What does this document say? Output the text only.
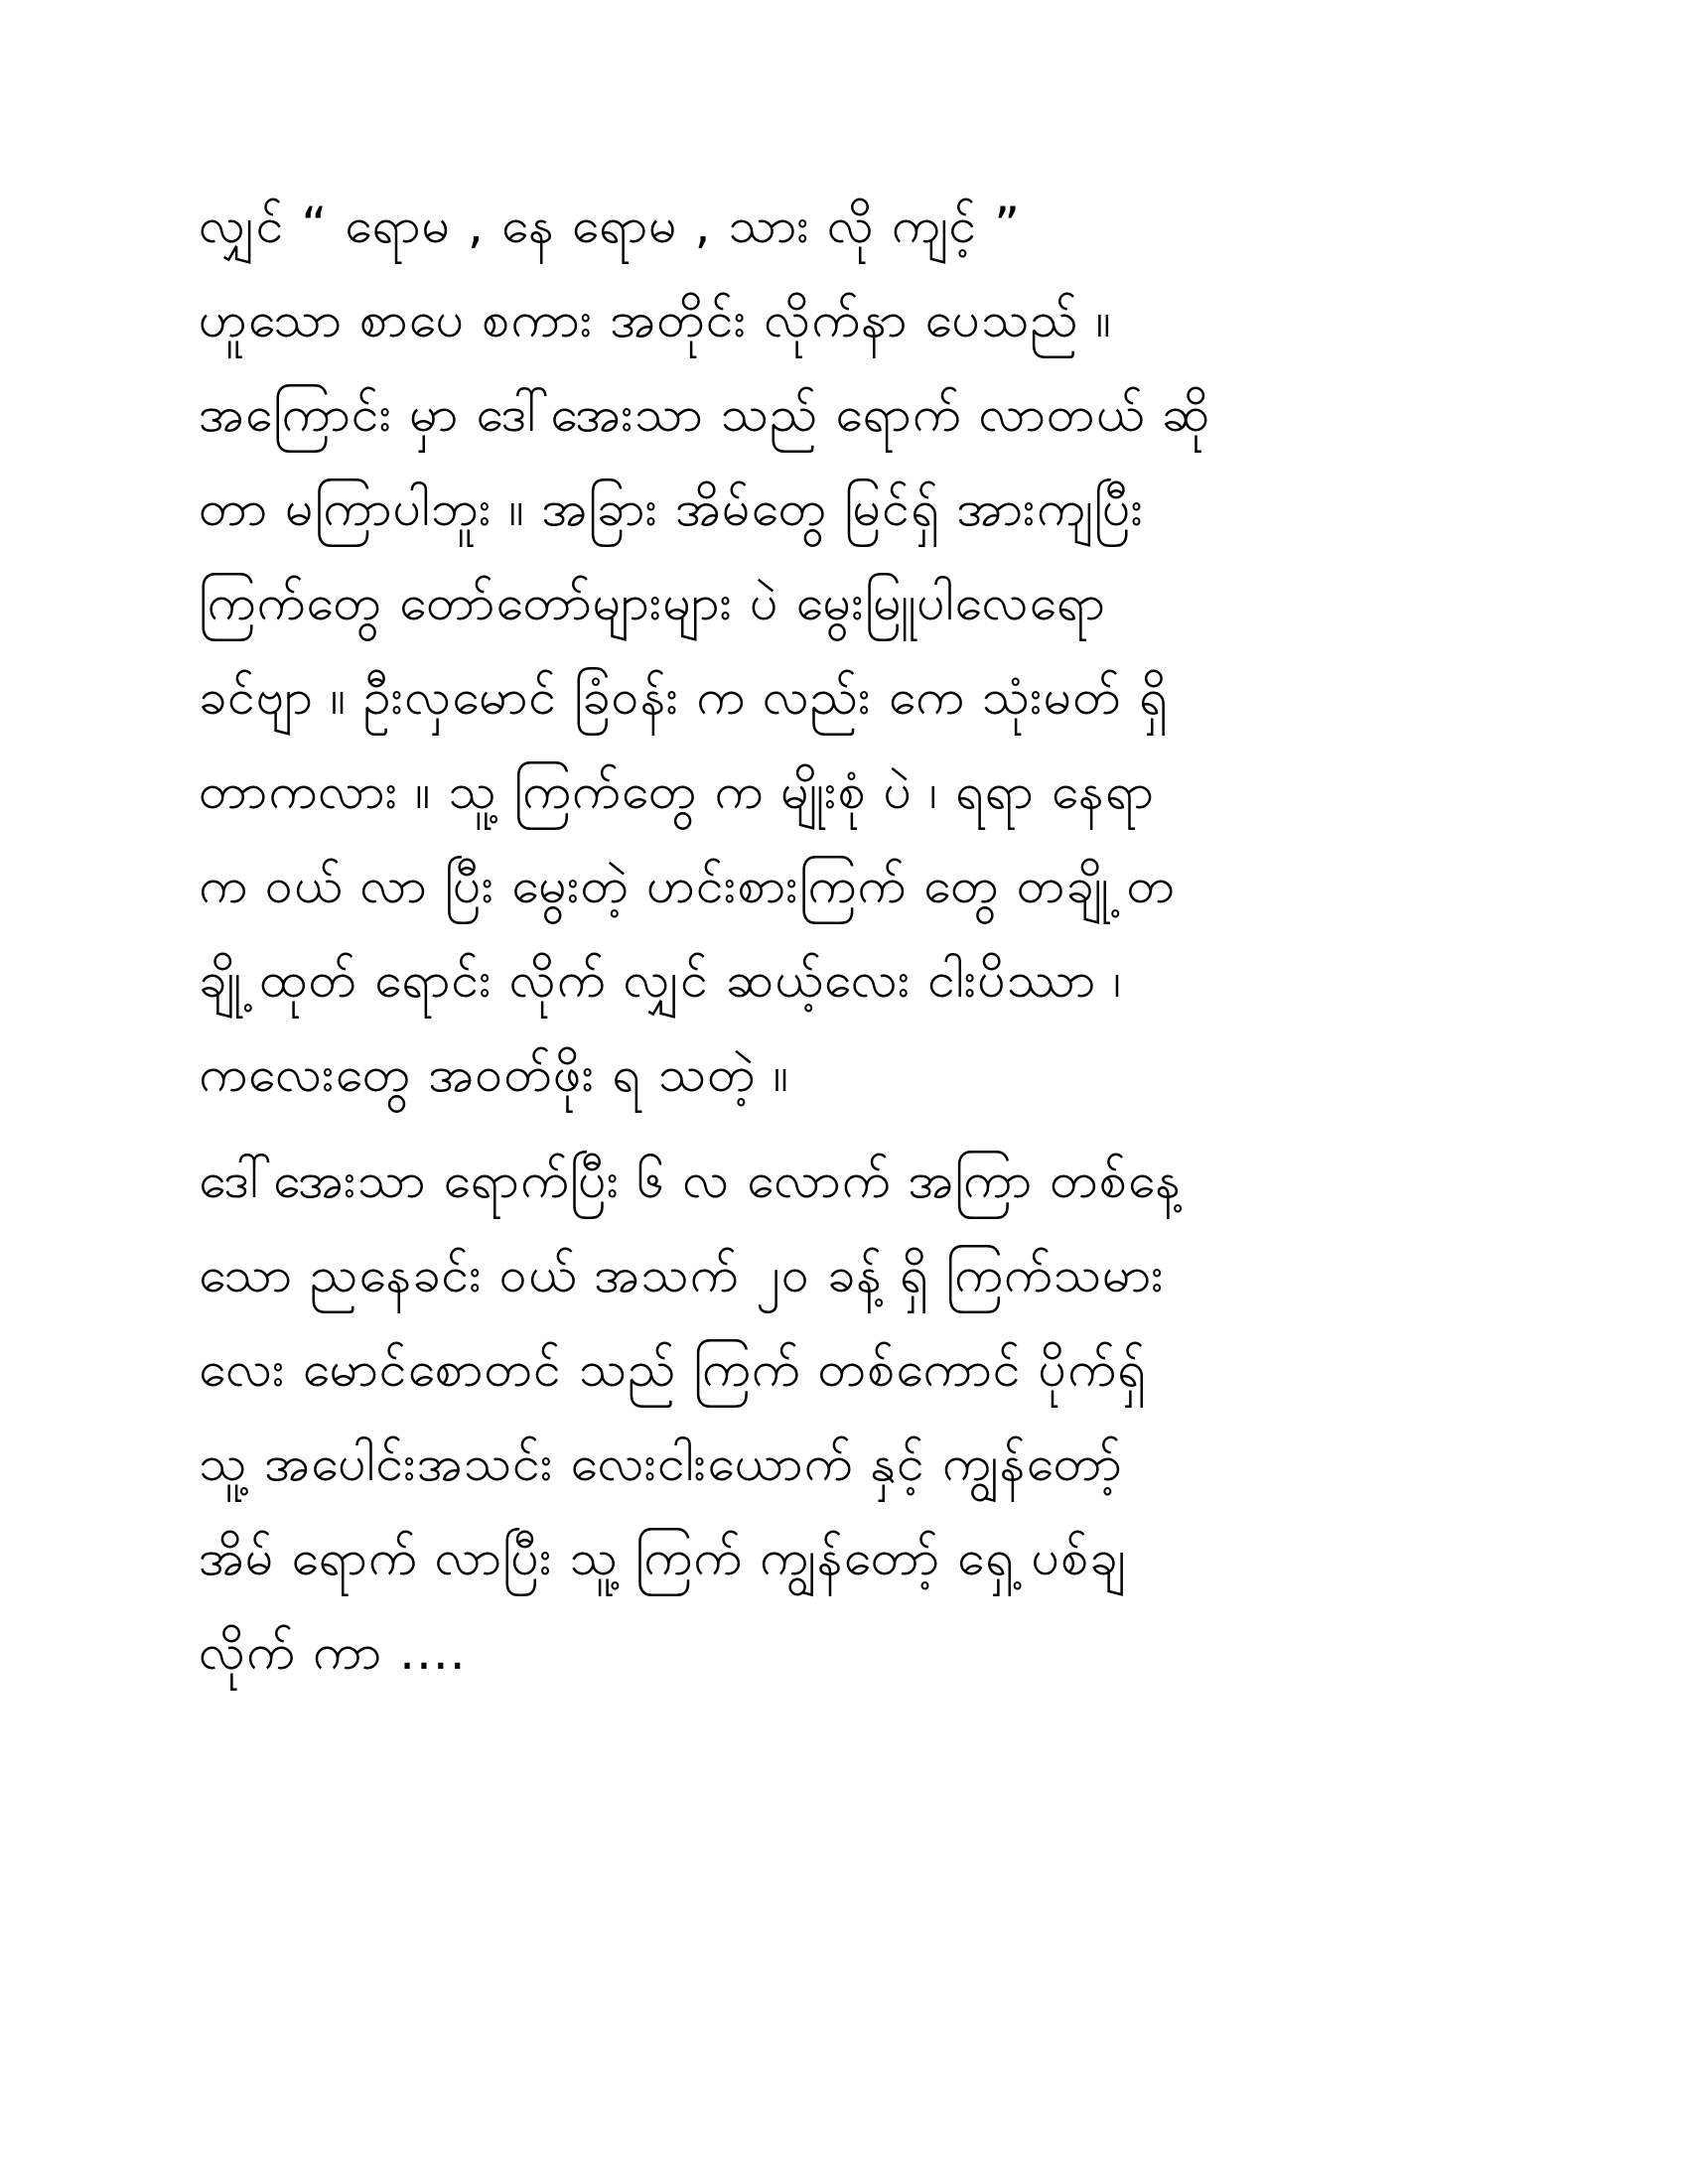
လျှင် “ ရောမ , နေ ရောမ , သား လို ကျင့် ”
ဟူသော စာပေ စကား အတိုင်း လိုက်နာ ပေသည် ။
အကြောင်း မှာ ဒေါ်အေးသာ သည် ရောက် လာတယ် ဆို
တာ မကြာပါဘူး ။ အခြား အိမ်တွေ မြင်ရှ် အားကျပြီး
ကြက်တွေ တော်တော်များများ ပဲ မွေးမြူပါလေရော
ခင်ဗျာ ။ ဦးလှမောင် ခြံဝန်း က လည်း ကေ သုံးမတ် ရှိ
တာကလား ။ သူ့ ကြက်တွေ က မျိုးစုံ ပဲ ၊ ရရာ နေရာ
က ဝယ် လာ ပြီး မွေးတဲ့ ဟင်းစားကြက် တွေ တချို့ တ
ချို့ ထုတ် ရောင်း လိုက် လျှင် ဆယ့်လေး ငါးပိဿာ ၊
ကလေးတွေ အဝတ်ဖိုး ရ သတဲ့ ။
ဒေါ်အေးသာ ရောက်ပြီး ၆ လ လောက် အကြာ တစ်နေ့
သော ညနေခင်း ဝယ် အသက် ၂၀ ခန့် ရှိ ကြက်သမား
လေး မောင်စောတင် သည် ကြက် တစ်ကောင် ပိုက်ရှ်
သူ့ အပေါင်းအသင်း လေးငါးယောက် နှင့် ကျွန်တော့်
အိမ် ရောက် လာပြီး သူ့ ကြက် ကျွန်တော့် ရှေ့ ပစ်ချ
လိုက် ကာ ....
